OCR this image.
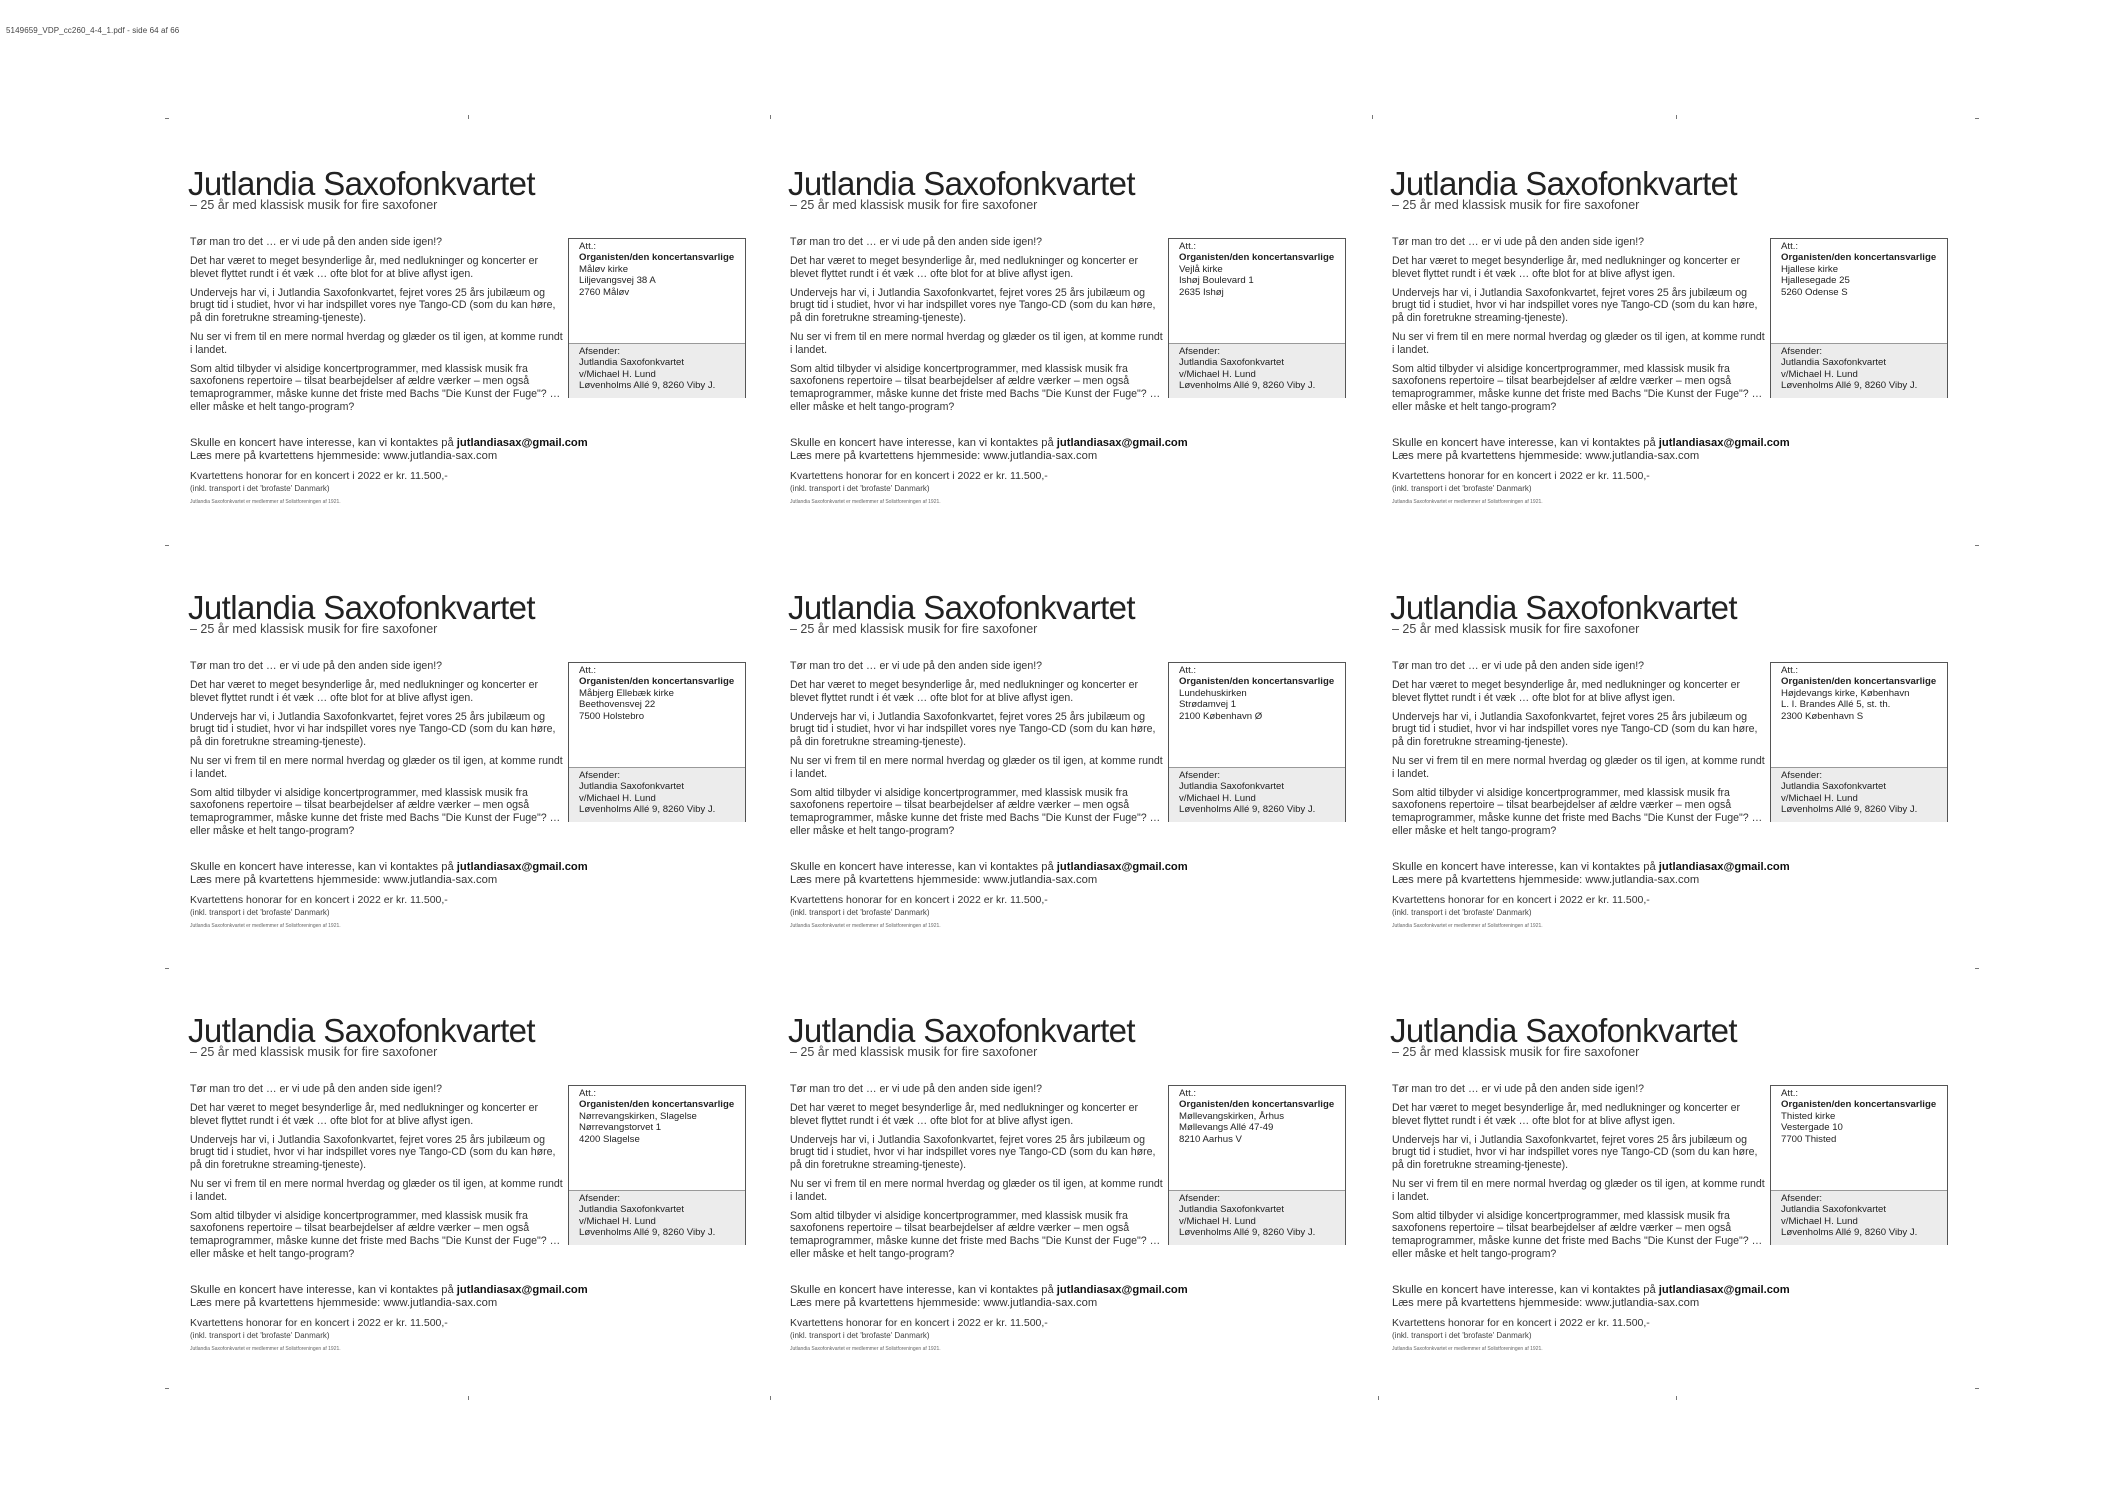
5149659_VDP_cc260_4-4_1.pdf - side 64 af 66
Jutlandia Saxofonkvartet
– 25 år med klassisk musik for fire saxofoner

Tør man tro det … er vi ude på den anden side igen!?

Det har været to meget besynderlige år, med nedlukninger og koncerter er blevet flyttet rundt i ét væk … ofte blot for at blive aflyst igen.

Undervejs har vi, i Jutlandia Saxofonkvartet, fejret vores 25 års jubilæum og brugt tid i studiet, hvor vi har indspillet vores nye Tango-CD (som du kan høre, på din foretrukne streaming-tjeneste).

Nu ser vi frem til en mere normal hverdag og glæder os til igen, at komme rundt i landet.

Som altid tilbyder vi alsidige koncertprogrammer, med klassisk musik fra saxofonens repertoire – tilsat bearbejdelser af ældre værker – men også temaprogrammer, måske kunne det friste med Bachs "Die Kunst der Fuge"? … eller måske et helt tango-program?

Skulle en koncert have interesse, kan vi kontaktes på jutlandiasax@gmail.com

Læs mere på kvartettens hjemmeside: www.jutlandia-sax.com

Kvartettens honorar for en koncert i 2022 er kr. 11.500,-
(inkl. transport i det 'brofaste' Danmark)
Jutlandia Saxofonkvartet er medlemmer af Solistforeningen af 1921.

Att.:

Organisten/den koncertansvarlige

Måløv kirke

Liljevangsvej 38 A

2760 Måløv

Afsender:

Jutlandia Saxofonkvartet

v/Michael H. Lund

Løvenholms Allé 9, 8260 Viby J.

Jutlandia Saxofonkvartet
– 25 år med klassisk musik for fire saxofoner

Tør man tro det … er vi ude på den anden side igen!?

Det har været to meget besynderlige år, med nedlukninger og koncerter er blevet flyttet rundt i ét væk … ofte blot for at blive aflyst igen.

Undervejs har vi, i Jutlandia Saxofonkvartet, fejret vores 25 års jubilæum og brugt tid i studiet, hvor vi har indspillet vores nye Tango-CD (som du kan høre, på din foretrukne streaming-tjeneste).

Nu ser vi frem til en mere normal hverdag og glæder os til igen, at komme rundt i landet.

Som altid tilbyder vi alsidige koncertprogrammer, med klassisk musik fra saxofonens repertoire – tilsat bearbejdelser af ældre værker – men også temaprogrammer, måske kunne det friste med Bachs "Die Kunst der Fuge"? … eller måske et helt tango-program?

Skulle en koncert have interesse, kan vi kontaktes på jutlandiasax@gmail.com

Læs mere på kvartettens hjemmeside: www.jutlandia-sax.com

Kvartettens honorar for en koncert i 2022 er kr. 11.500,-
(inkl. transport i det 'brofaste' Danmark)
Jutlandia Saxofonkvartet er medlemmer af Solistforeningen af 1921.

Att.:

Organisten/den koncertansvarlige

Vejlå kirke

Ishøj Boulevard 1

2635 Ishøj

Afsender:

Jutlandia Saxofonkvartet

v/Michael H. Lund

Løvenholms Allé 9, 8260 Viby J.

Jutlandia Saxofonkvartet
– 25 år med klassisk musik for fire saxofoner

Tør man tro det … er vi ude på den anden side igen!?

Det har været to meget besynderlige år, med nedlukninger og koncerter er blevet flyttet rundt i ét væk … ofte blot for at blive aflyst igen.

Undervejs har vi, i Jutlandia Saxofonkvartet, fejret vores 25 års jubilæum og brugt tid i studiet, hvor vi har indspillet vores nye Tango-CD (som du kan høre, på din foretrukne streaming-tjeneste).

Nu ser vi frem til en mere normal hverdag og glæder os til igen, at komme rundt i landet.

Som altid tilbyder vi alsidige koncertprogrammer, med klassisk musik fra saxofonens repertoire – tilsat bearbejdelser af ældre værker – men også temaprogrammer, måske kunne det friste med Bachs "Die Kunst der Fuge"? … eller måske et helt tango-program?

Skulle en koncert have interesse, kan vi kontaktes på jutlandiasax@gmail.com

Læs mere på kvartettens hjemmeside: www.jutlandia-sax.com

Kvartettens honorar for en koncert i 2022 er kr. 11.500,-
(inkl. transport i det 'brofaste' Danmark)
Jutlandia Saxofonkvartet er medlemmer af Solistforeningen af 1921.

Att.:

Organisten/den koncertansvarlige

Hjallese kirke

Hjallesegade 25

5260 Odense S

Afsender:

Jutlandia Saxofonkvartet

v/Michael H. Lund

Løvenholms Allé 9, 8260 Viby J.

Jutlandia Saxofonkvartet
– 25 år med klassisk musik for fire saxofoner

Tør man tro det … er vi ude på den anden side igen!?

Det har været to meget besynderlige år, med nedlukninger og koncerter er blevet flyttet rundt i ét væk … ofte blot for at blive aflyst igen.

Undervejs har vi, i Jutlandia Saxofonkvartet, fejret vores 25 års jubilæum og brugt tid i studiet, hvor vi har indspillet vores nye Tango-CD (som du kan høre, på din foretrukne streaming-tjeneste).

Nu ser vi frem til en mere normal hverdag og glæder os til igen, at komme rundt i landet.

Som altid tilbyder vi alsidige koncertprogrammer, med klassisk musik fra saxofonens repertoire – tilsat bearbejdelser af ældre værker – men også temaprogrammer, måske kunne det friste med Bachs "Die Kunst der Fuge"? … eller måske et helt tango-program?

Skulle en koncert have interesse, kan vi kontaktes på jutlandiasax@gmail.com

Læs mere på kvartettens hjemmeside: www.jutlandia-sax.com

Kvartettens honorar for en koncert i 2022 er kr. 11.500,-
(inkl. transport i det 'brofaste' Danmark)
Jutlandia Saxofonkvartet er medlemmer af Solistforeningen af 1921.

Att.:

Organisten/den koncertansvarlige

Måbjerg Ellebæk kirke

Beethovensvej 22

7500 Holstebro

Afsender:

Jutlandia Saxofonkvartet

v/Michael H. Lund

Løvenholms Allé 9, 8260 Viby J.

Jutlandia Saxofonkvartet
– 25 år med klassisk musik for fire saxofoner

Tør man tro det … er vi ude på den anden side igen!?

Det har været to meget besynderlige år, med nedlukninger og koncerter er blevet flyttet rundt i ét væk … ofte blot for at blive aflyst igen.

Undervejs har vi, i Jutlandia Saxofonkvartet, fejret vores 25 års jubilæum og brugt tid i studiet, hvor vi har indspillet vores nye Tango-CD (som du kan høre, på din foretrukne streaming-tjeneste).

Nu ser vi frem til en mere normal hverdag og glæder os til igen, at komme rundt i landet.

Som altid tilbyder vi alsidige koncertprogrammer, med klassisk musik fra saxofonens repertoire – tilsat bearbejdelser af ældre værker – men også temaprogrammer, måske kunne det friste med Bachs "Die Kunst der Fuge"? … eller måske et helt tango-program?

Skulle en koncert have interesse, kan vi kontaktes på jutlandiasax@gmail.com

Læs mere på kvartettens hjemmeside: www.jutlandia-sax.com

Kvartettens honorar for en koncert i 2022 er kr. 11.500,-
(inkl. transport i det 'brofaste' Danmark)
Jutlandia Saxofonkvartet er medlemmer af Solistforeningen af 1921.

Att.:

Organisten/den koncertansvarlige

Lundehuskirken

Strødamvej 1

2100 København Ø

Afsender:

Jutlandia Saxofonkvartet

v/Michael H. Lund

Løvenholms Allé 9, 8260 Viby J.

Jutlandia Saxofonkvartet
– 25 år med klassisk musik for fire saxofoner

Tør man tro det … er vi ude på den anden side igen!?

Det har været to meget besynderlige år, med nedlukninger og koncerter er blevet flyttet rundt i ét væk … ofte blot for at blive aflyst igen.

Undervejs har vi, i Jutlandia Saxofonkvartet, fejret vores 25 års jubilæum og brugt tid i studiet, hvor vi har indspillet vores nye Tango-CD (som du kan høre, på din foretrukne streaming-tjeneste).

Nu ser vi frem til en mere normal hverdag og glæder os til igen, at komme rundt i landet.

Som altid tilbyder vi alsidige koncertprogrammer, med klassisk musik fra saxofonens repertoire – tilsat bearbejdelser af ældre værker – men også temaprogrammer, måske kunne det friste med Bachs "Die Kunst der Fuge"? … eller måske et helt tango-program?

Skulle en koncert have interesse, kan vi kontaktes på jutlandiasax@gmail.com

Læs mere på kvartettens hjemmeside: www.jutlandia-sax.com

Kvartettens honorar for en koncert i 2022 er kr. 11.500,-
(inkl. transport i det 'brofaste' Danmark)
Jutlandia Saxofonkvartet er medlemmer af Solistforeningen af 1921.

Att.:

Organisten/den koncertansvarlige

Højdevangs kirke, København

L. I. Brandes Allé 5, st. th.

2300 København S

Afsender:

Jutlandia Saxofonkvartet

v/Michael H. Lund

Løvenholms Allé 9, 8260 Viby J.

Jutlandia Saxofonkvartet
– 25 år med klassisk musik for fire saxofoner

Tør man tro det … er vi ude på den anden side igen!?

Det har været to meget besynderlige år, med nedlukninger og koncerter er blevet flyttet rundt i ét væk … ofte blot for at blive aflyst igen.

Undervejs har vi, i Jutlandia Saxofonkvartet, fejret vores 25 års jubilæum og brugt tid i studiet, hvor vi har indspillet vores nye Tango-CD (som du kan høre, på din foretrukne streaming-tjeneste).

Nu ser vi frem til en mere normal hverdag og glæder os til igen, at komme rundt i landet.

Som altid tilbyder vi alsidige koncertprogrammer, med klassisk musik fra saxofonens repertoire – tilsat bearbejdelser af ældre værker – men også temaprogrammer, måske kunne det friste med Bachs "Die Kunst der Fuge"? … eller måske et helt tango-program?

Skulle en koncert have interesse, kan vi kontaktes på jutlandiasax@gmail.com

Læs mere på kvartettens hjemmeside: www.jutlandia-sax.com

Kvartettens honorar for en koncert i 2022 er kr. 11.500,-
(inkl. transport i det 'brofaste' Danmark)
Jutlandia Saxofonkvartet er medlemmer af Solistforeningen af 1921.

Att.:

Organisten/den koncertansvarlige

Nørrevangskirken, Slagelse

Nørrevangstorvet 1

4200 Slagelse

Afsender:

Jutlandia Saxofonkvartet

v/Michael H. Lund

Løvenholms Allé 9, 8260 Viby J.

Jutlandia Saxofonkvartet
– 25 år med klassisk musik for fire saxofoner

Tør man tro det … er vi ude på den anden side igen!?

Det har været to meget besynderlige år, med nedlukninger og koncerter er blevet flyttet rundt i ét væk … ofte blot for at blive aflyst igen.

Undervejs har vi, i Jutlandia Saxofonkvartet, fejret vores 25 års jubilæum og brugt tid i studiet, hvor vi har indspillet vores nye Tango-CD (som du kan høre, på din foretrukne streaming-tjeneste).

Nu ser vi frem til en mere normal hverdag og glæder os til igen, at komme rundt i landet.

Som altid tilbyder vi alsidige koncertprogrammer, med klassisk musik fra saxofonens repertoire – tilsat bearbejdelser af ældre værker – men også temaprogrammer, måske kunne det friste med Bachs "Die Kunst der Fuge"? … eller måske et helt tango-program?

Skulle en koncert have interesse, kan vi kontaktes på jutlandiasax@gmail.com

Læs mere på kvartettens hjemmeside: www.jutlandia-sax.com

Kvartettens honorar for en koncert i 2022 er kr. 11.500,-
(inkl. transport i det 'brofaste' Danmark)
Jutlandia Saxofonkvartet er medlemmer af Solistforeningen af 1921.

Att.:

Organisten/den koncertansvarlige

Møllevangskirken, Århus

Møllevangs Allé 47-49

8210 Aarhus V

Afsender:

Jutlandia Saxofonkvartet

v/Michael H. Lund

Løvenholms Allé 9, 8260 Viby J.

Jutlandia Saxofonkvartet
– 25 år med klassisk musik for fire saxofoner

Tør man tro det … er vi ude på den anden side igen!?

Det har været to meget besynderlige år, med nedlukninger og koncerter er blevet flyttet rundt i ét væk … ofte blot for at blive aflyst igen.

Undervejs har vi, i Jutlandia Saxofonkvartet, fejret vores 25 års jubilæum og brugt tid i studiet, hvor vi har indspillet vores nye Tango-CD (som du kan høre, på din foretrukne streaming-tjeneste).

Nu ser vi frem til en mere normal hverdag og glæder os til igen, at komme rundt i landet.

Som altid tilbyder vi alsidige koncertprogrammer, med klassisk musik fra saxofonens repertoire – tilsat bearbejdelser af ældre værker – men også temaprogrammer, måske kunne det friste med Bachs "Die Kunst der Fuge"? … eller måske et helt tango-program?

Skulle en koncert have interesse, kan vi kontaktes på jutlandiasax@gmail.com

Læs mere på kvartettens hjemmeside: www.jutlandia-sax.com

Kvartettens honorar for en koncert i 2022 er kr. 11.500,-
(inkl. transport i det 'brofaste' Danmark)
Jutlandia Saxofonkvartet er medlemmer af Solistforeningen af 1921.

Att.:

Organisten/den koncertansvarlige

Thisted kirke

Vestergade 10

7700 Thisted

Afsender:

Jutlandia Saxofonkvartet

v/Michael H. Lund

Løvenholms Allé 9, 8260 Viby J.
